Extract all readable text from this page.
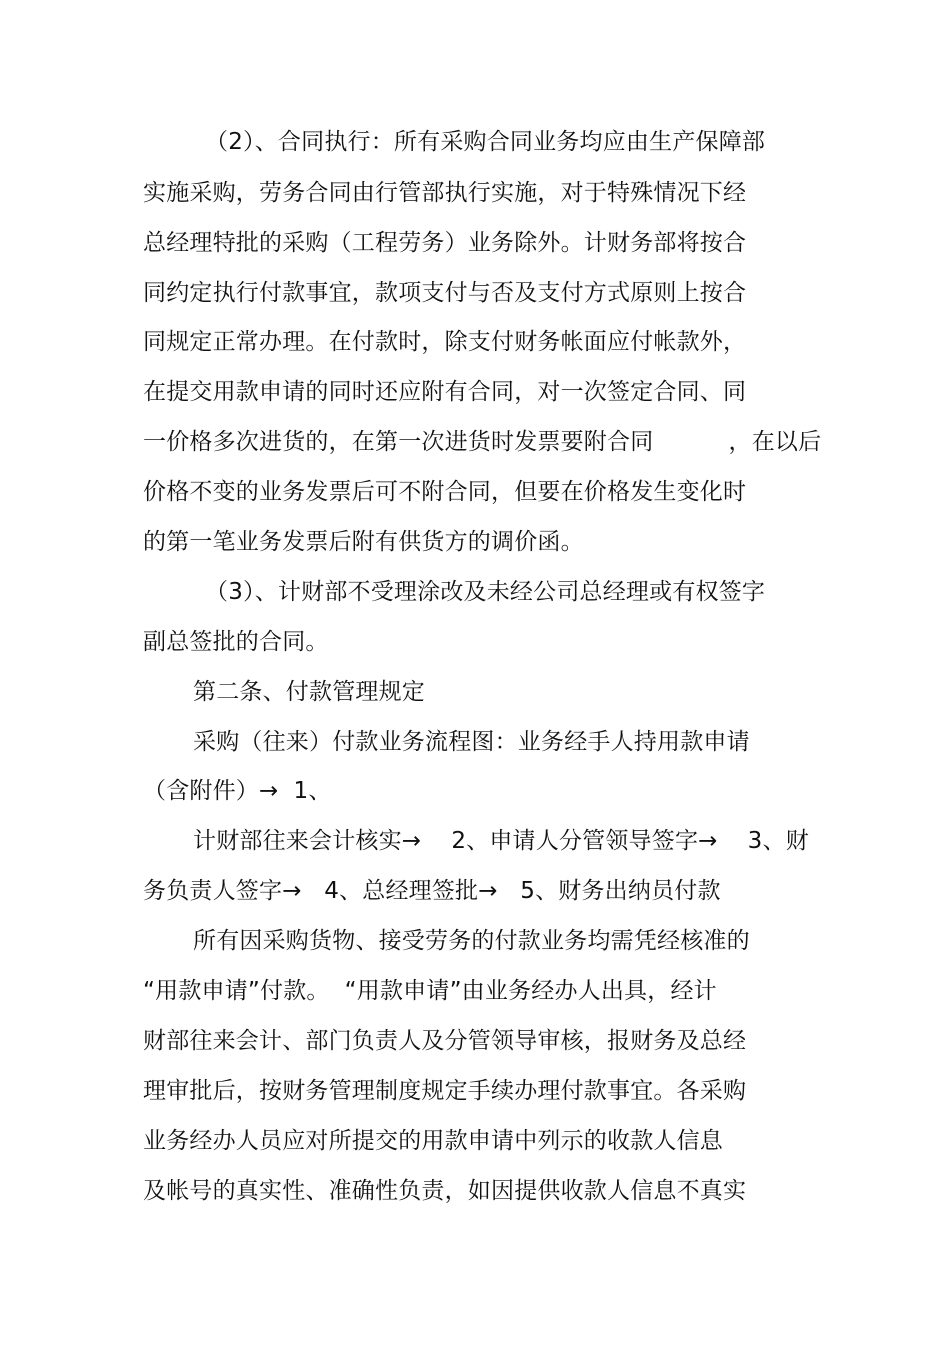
（2）、合同执行：所有采购合同业务均应由生产保障部
实施采购，劳务合同由行管部执行实施，对于特殊情况下经
总经理特批的采购（工程劳务）业务除外。计财务部将按合
同约定执行付款事宜，款项支付与否及支付方式原则上按合
同规定正常办理。在付款时，除支付财务帐面应付帐款外，
在提交用款申请的同时还应附有合同，对一次签定合同、同
一价格多次进货的，在第一次进货时发票要附合同          ，在以后
价格不变的业务发票后可不附合同，但要在价格发生变化时
的第一笔业务发票后附有供货方的调价函。
（3）、计财部不受理涂改及未经公司总经理或有权签字
副总签批的合同。
第二条、付款管理规定
采购（往来）付款业务流程图：业务经手人持用款申请
（含附件）→  1、
计财部往来会计核实→    2、申请人分管领导签字→    3、财
务负责人签字→   4、总经理签批→   5、财务出纳员付款
所有因采购货物、接受劳务的付款业务均需凭经核准的
“用款申请”付款。  “用款申请”由业务经办人出具，经计
财部往来会计、部门负责人及分管领导审核，报财务及总经
理审批后，按财务管理制度规定手续办理付款事宜。各采购
业务经办人员应对所提交的用款申请中列示的收款人信息
及帐号的真实性、准确性负责，如因提供收款人信息不真实
